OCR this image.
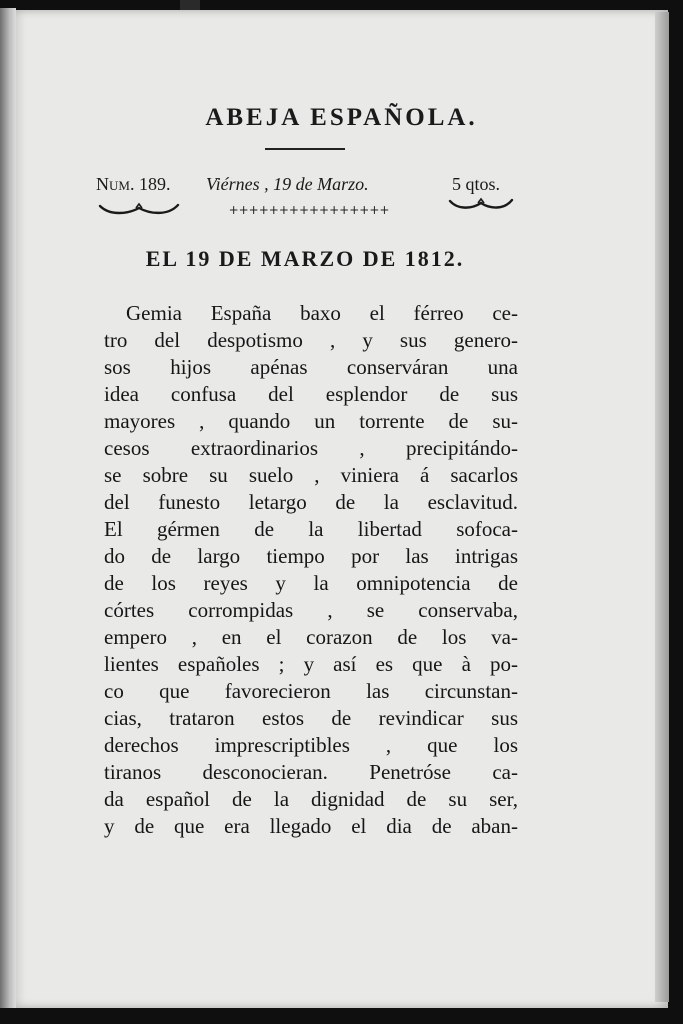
ﾠ
ABEJA ESPAÑOLA.
Num. 189. Viérnes , 19 de Marzo.	5 qtos.
++++++++++++++++
EL 19 DE MARZO DE 1812.
Gemia España baxo el férreo ce-
tro del despotismo , y sus genero-
sos hijos apénas conserváran una
idea confusa del esplendor de sus
mayores , quando un torrente de su-
cesos extraordinarios , precipitándo-
se sobre su suelo , viniera á sacarlos
del funesto letargo de la esclavitud.
El gérmen de la libertad sofoca-
do de largo tiempo por las intrigas
de los reyes y la omnipotencia de
córtes corrompidas , se conservaba,
empero , en el corazon de los va-
lientes españoles ; y así es que à po-
co que favorecieron las circunstan-
cias, trataron estos de revindicar sus
derechos imprescriptibles , que los
tiranos desconocieran. Penetróse ca-
da español de la dignidad de su ser,
y de que era llegado el dia de aban-
